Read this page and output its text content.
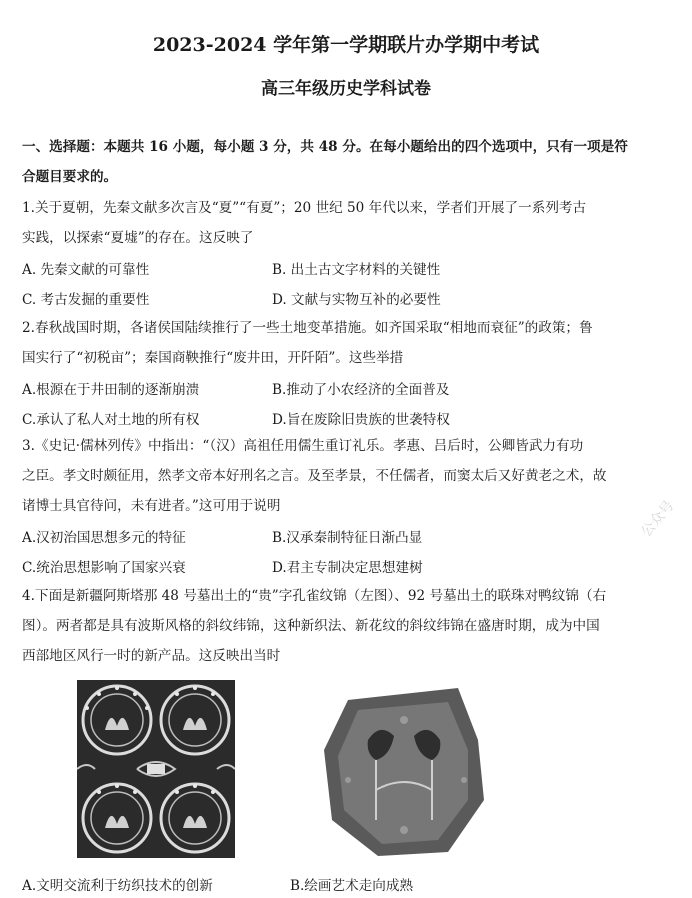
2023-2024 学年第一学期联片办学期中考试
高三年级历史学科试卷
一、选择题：本题共 16 小题，每小题 3 分，共 48 分。在每小题给出的四个选项中，只有一项是符
合题目要求的。
1.关于夏朝，先秦文献多次言及“夏”“有夏”；20 世纪 50 年代以来，学者们开展了一系列考古
实践，以探索“夏墟”的存在。这反映了
A. 先秦文献的可靠性	B. 出土古文字材料的关键性
C. 考古发掘的重要性	D. 文献与实物互补的必要性
2.春秋战国时期，各诸侯国陆续推行了一些土地变革措施。如齐国采取“相地而衰征”的政策；鲁
国实行了“初税亩”；秦国商鞅推行“废井田，开阡陌”。这些举措
A.根源在于井田制的逐渐崩溃	B.推动了小农经济的全面普及
C.承认了私人对土地的所有权	D.旨在废除旧贵族的世袭特权
3.《史记·儒林列传》中指出：“（汉）高祖任用儒生重订礼乐。孝惠、吕后时，公卿皆武力有功
之臣。孝文时颇征用，然孝文帝本好刑名之言。及至孝景，不任儒者，而窦太后又好黄老之术，故
诸博士具官待问，未有进者。”这可用于说明
A.汉初治国思想多元的特征	B.汉承秦制特征日渐凸显
C.统治思想影响了国家兴衰	D.君主专制决定思想建树
4.下面是新疆阿斯塔那 48 号墓出土的“贵”字孔雀纹锦（左图）、92 号墓出土的联珠对鸭纹锦（右
图）。两者都是具有波斯风格的斜纹纬锦，这种新织法、新花纹的斜纹纬锦在盛唐时期，成为中国
西部地区风行一时的新产品。这反映出当时
A.文明交流利于纺织技术的创新	B.绘画艺术走向成熟
公众号
